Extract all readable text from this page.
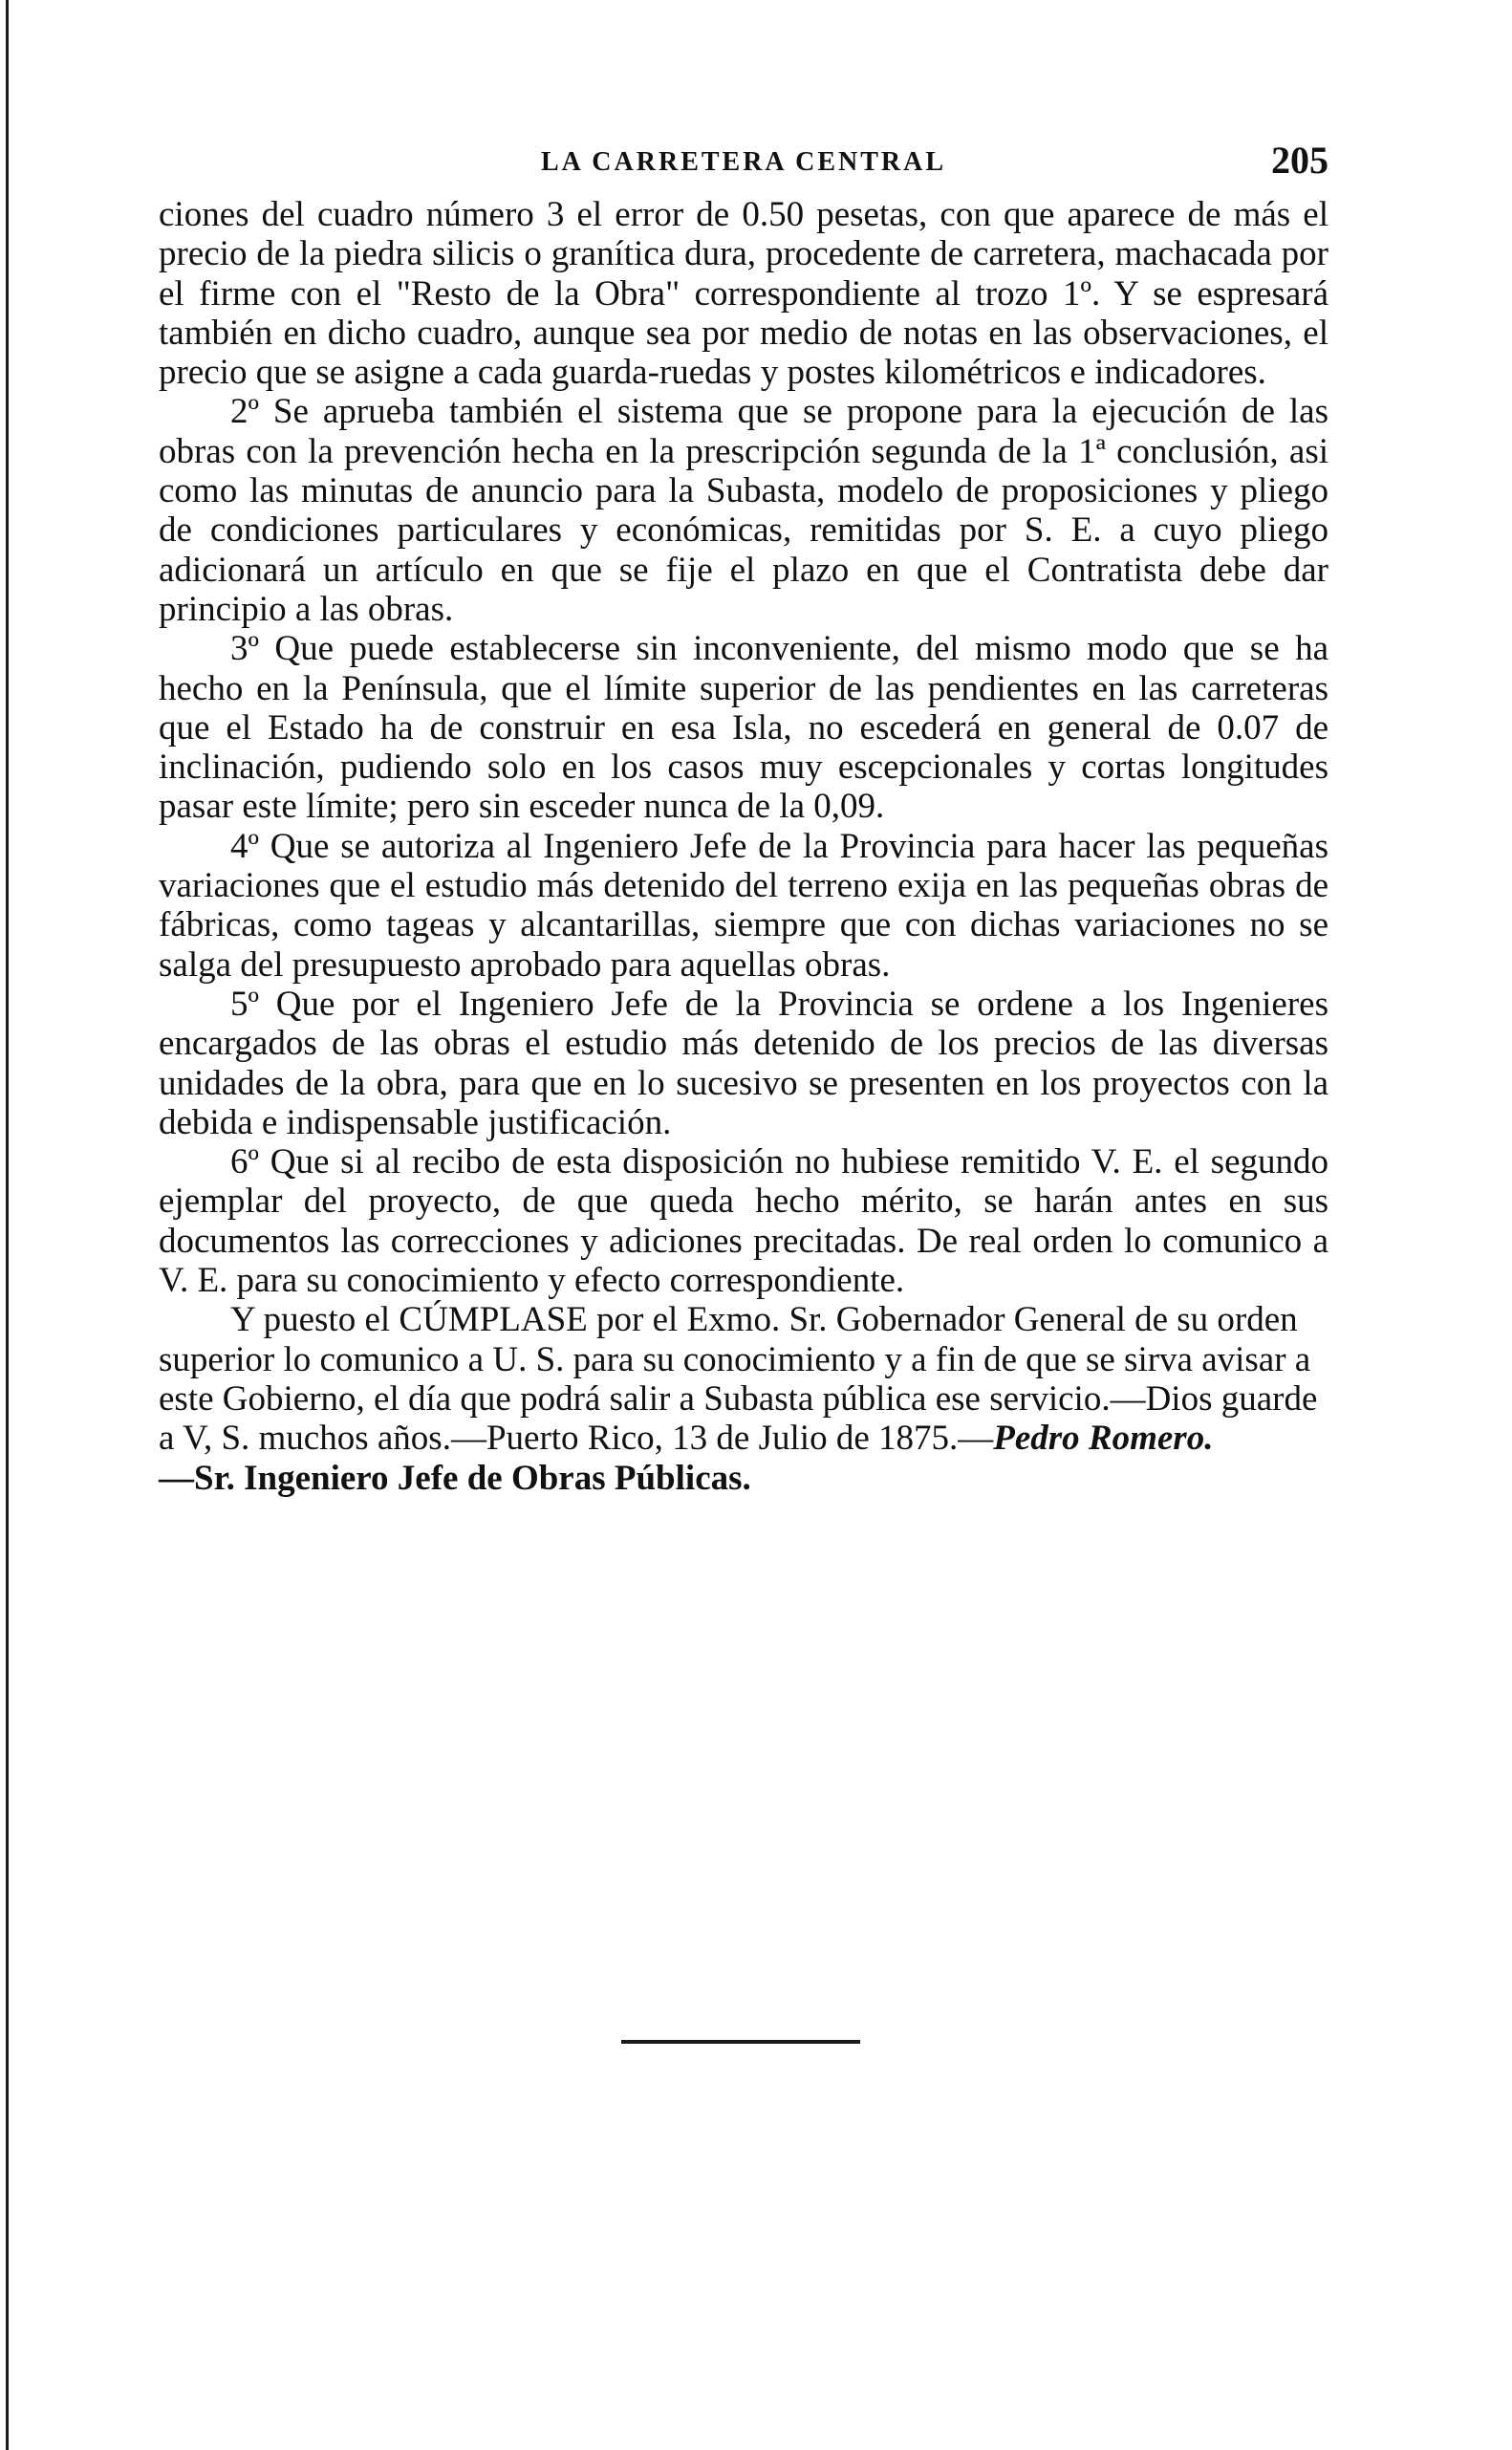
LA CARRETERA CENTRAL	205

ciones del cuadro número 3 el error de 0.50 pesetas, con que aparece de más el precio de la piedra silicis o granítica dura, procedente de carretera, machacada por el firme con el "Resto de la Obra" correspondiente al trozo 1º. Y se espresará también en dicho cuadro, aunque sea por medio de notas en las observaciones, el precio que se asigne a cada guarda-ruedas y postes kilométricos e indicadores.

2º Se aprueba también el sistema que se propone para la ejecución de las obras con la prevención hecha en la prescripción segunda de la 1ª conclusión, asi como las minutas de anuncio para la Subasta, modelo de proposiciones y pliego de condiciones particulares y económicas, remitidas por S. E. a cuyo pliego adicionará un artículo en que se fije el plazo en que el Contratista debe dar principio a las obras.

3º Que puede establecerse sin inconveniente, del mismo modo que se ha hecho en la Península, que el límite superior de las pendientes en las carreteras que el Estado ha de construir en esa Isla, no escederá en general de 0.07 de inclinación, pudiendo solo en los casos muy escepcionales y cortas longitudes pasar este límite; pero sin esceder nunca de la 0,09.

4º Que se autoriza al Ingeniero Jefe de la Provincia para hacer las pequeñas variaciones que el estudio más detenido del terreno exija en las pequeñas obras de fábricas, como tageas y alcantarillas, siempre que con dichas variaciones no se salga del presupuesto aprobado para aquellas obras.

5º Que por el Ingeniero Jefe de la Provincia se ordene a los Ingenieres encargados de las obras el estudio más detenido de los precios de las diversas unidades de la obra, para que en lo sucesivo se presenten en los proyectos con la debida e indispensable justificación.

6º Que si al recibo de esta disposición no hubiese remitido V. E. el segundo ejemplar del proyecto, de que queda hecho mérito, se harán antes en sus documentos las correcciones y adiciones precitadas. De real orden lo comunico a V. E. para su conocimiento y efecto correspondiente.

Y puesto el CÚMPLASE por el Exmo. Sr. Gobernador General de su orden superior lo comunico a U. S. para su conocimiento y a fin de que se sirva avisar a este Gobierno, el día que podrá salir a Subasta pública ese servicio.—Dios guarde a V, S. muchos años.—Puerto Rico, 13 de Julio de 1875.—Pedro Romero.
—Sr. Ingeniero Jefe de Obras Públicas.
